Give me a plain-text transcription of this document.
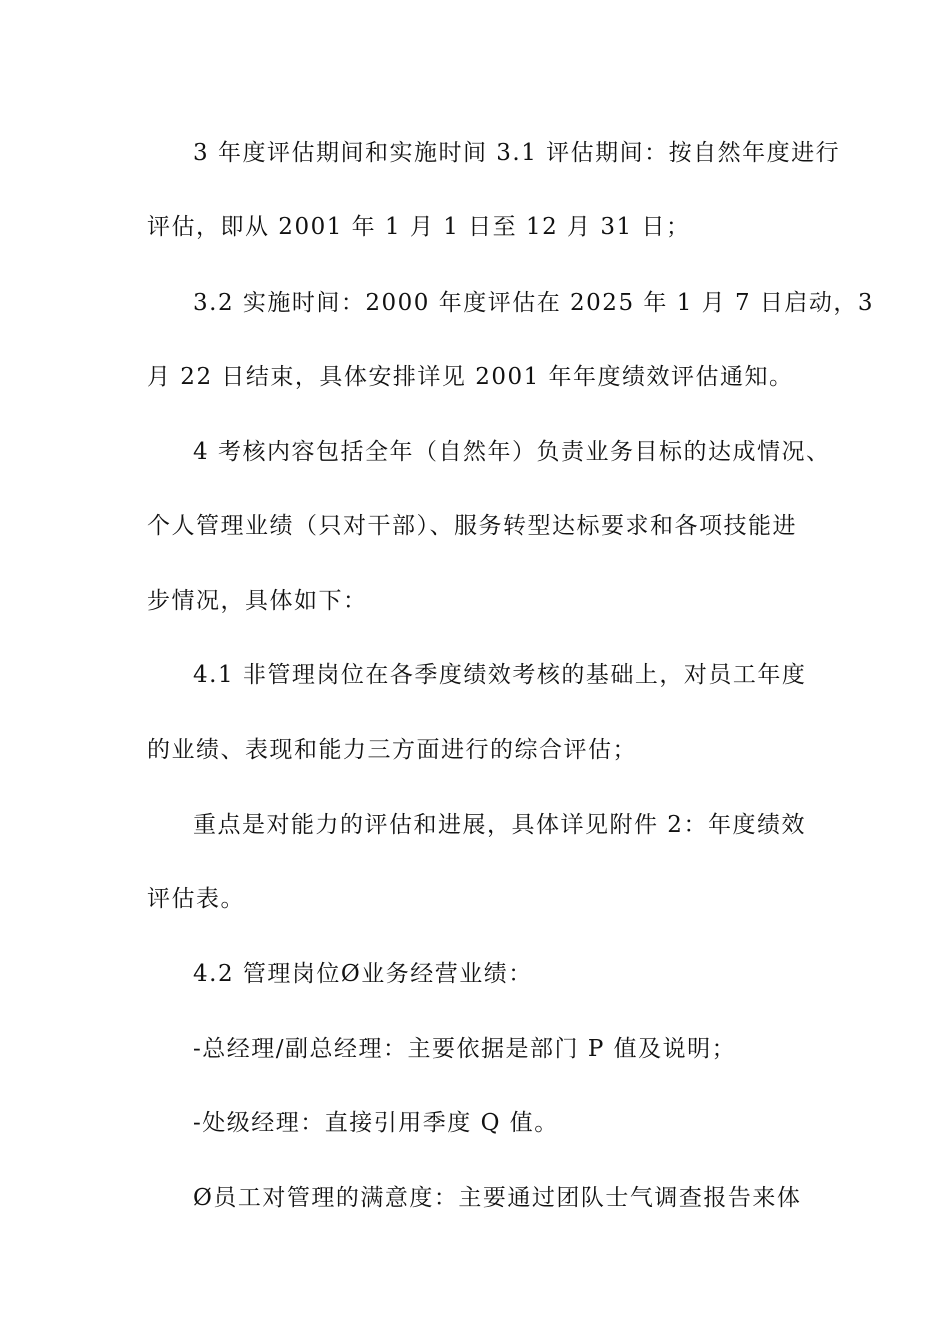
3 年度评估期间和实施时间 3.1 评估期间：按自然年度进行
评估，即从 2001 年 1 月 1 日至 12 月 31 日；
3.2 实施时间：2000 年度评估在 2025 年 1 月 7 日启动，3
月 22 日结束，具体安排详见 2001 年年度绩效评估通知。
4 考核内容包括全年（自然年）负责业务目标的达成情况、
个人管理业绩（只对干部）、服务转型达标要求和各项技能进
步情况，具体如下：
4.1 非管理岗位在各季度绩效考核的基础上，对员工年度
的业绩、表现和能力三方面进行的综合评估；
重点是对能力的评估和进展，具体详见附件 2：年度绩效
评估表。
4.2 管理岗位Ø业务经营业绩：
-总经理/副总经理：主要依据是部门 P 值及说明；
-处级经理：直接引用季度 Q 值。
Ø员工对管理的满意度：主要通过团队士气调查报告来体
